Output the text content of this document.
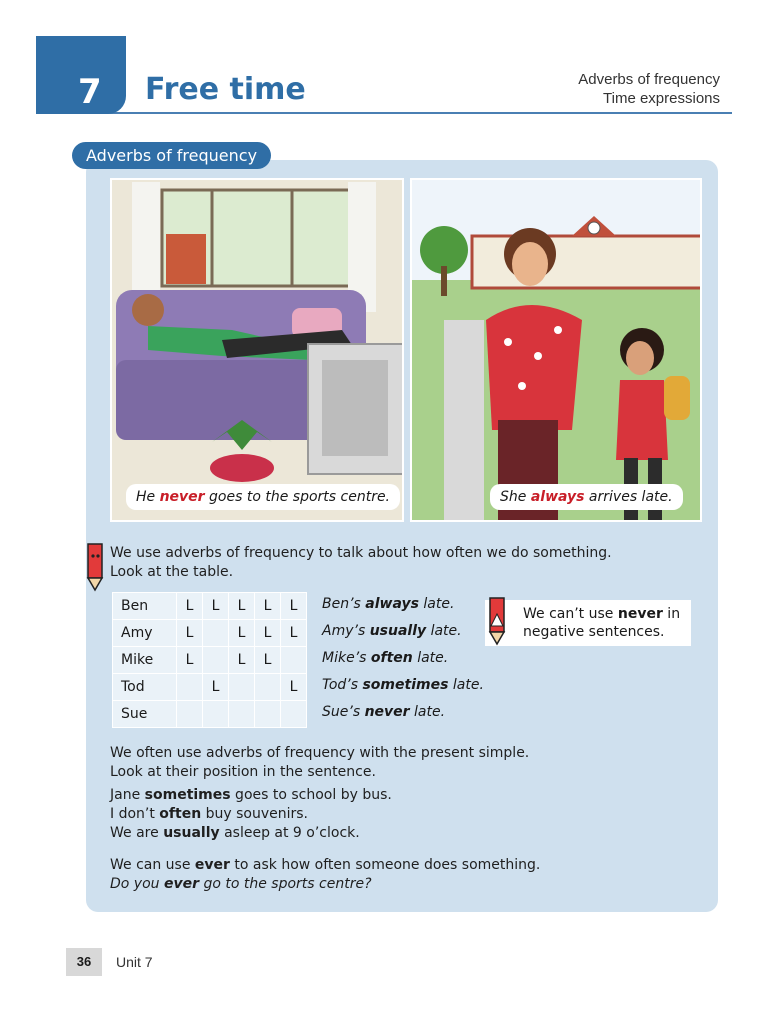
7 Free time	Adverbs of frequency
Time expressions
Adverbs of frequency
He never goes to the sports centre.	She always arrives late.
We use adverbs of frequency to talk about how often we do something.
Look at the table.
Ben	L	L	L	L	L
Amy	L		L	L	L
Mike	L		L	L	
Tod		L			L
Sue					
Ben’s always late.
Amy’s usually late.
Mike’s often late.
Tod’s sometimes late.
Sue’s never late.
We can’t use never in negative sentences.
We often use adverbs of frequency with the present simple.
Look at their position in the sentence.
Jane sometimes goes to school by bus.
I don’t often buy souvenirs.
We are usually asleep at 9 o’clock.
We can use ever to ask how often someone does something.
Do you ever go to the sports centre?
36	Unit 7
